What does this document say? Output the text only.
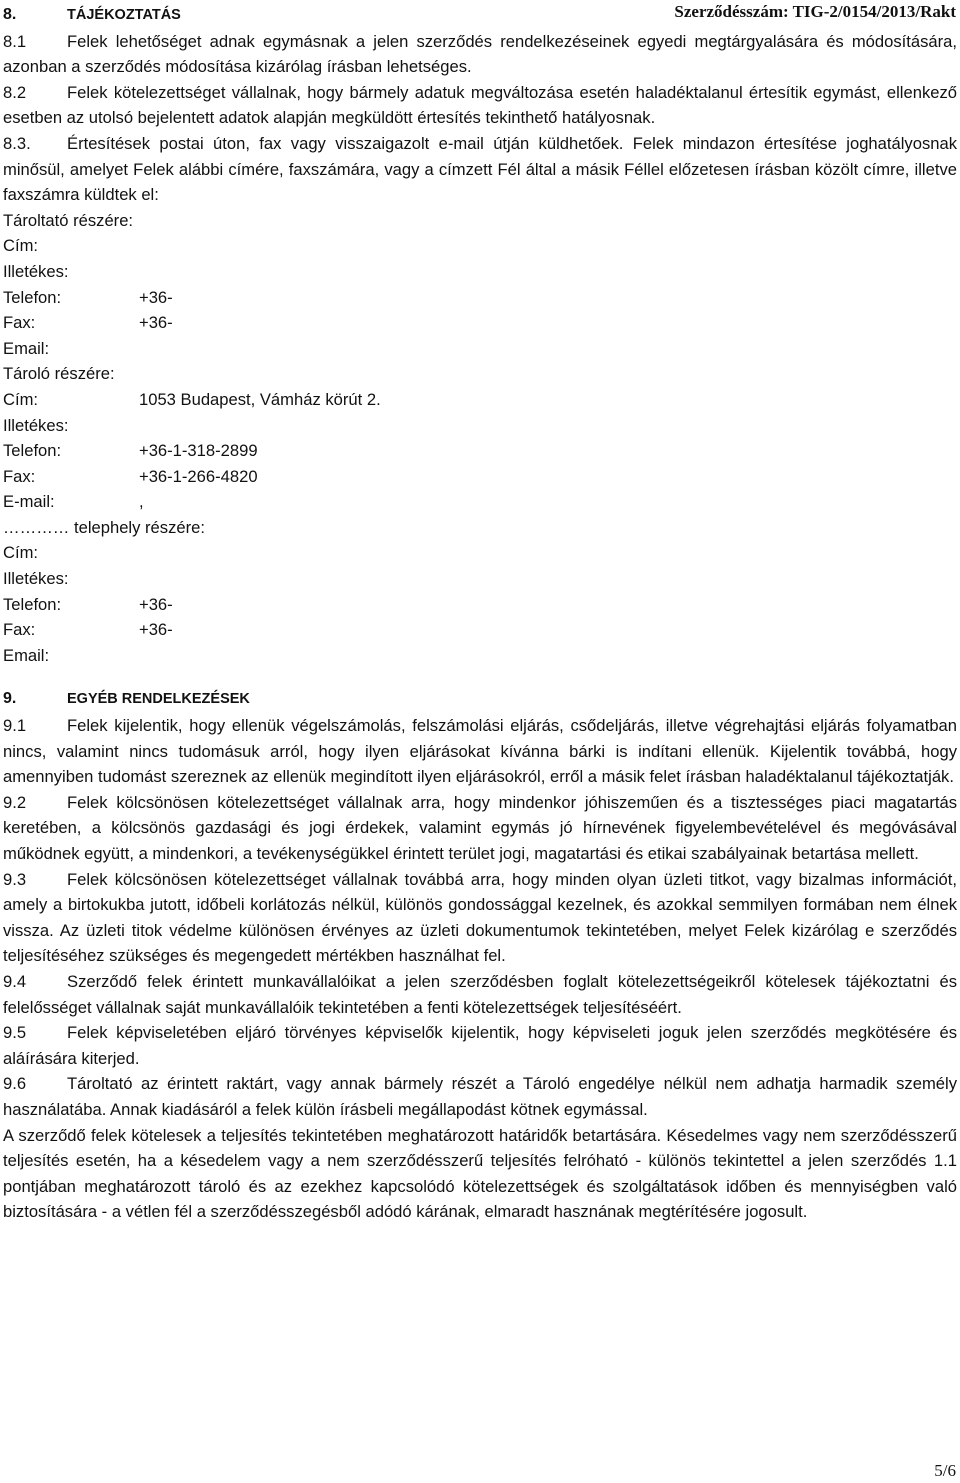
Szerződésszám: TIG-2/0154/2013/Rakt
8.	TÁJÉKOZTATÁS

8.1 Felek lehetőséget adnak egymásnak a jelen szerződés rendelkezéseinek egyedi megtárgyalására és módosítására, azonban a szerződés módosítása kizárólag írásban lehetséges.

8.2 Felek kötelezettséget vállalnak, hogy bármely adatuk megváltozása esetén haladéktalanul értesítik egymást, ellenkező esetben az utolsó bejelentett adatok alapján megküldött értesítés tekinthető hatályosnak.

8.3. Értesítések postai úton, fax vagy visszaigazolt e-mail útján küldhetőek. Felek mindazon értesítése joghatályosnak minősül, amelyet Felek alábbi címére, faxszámára, vagy a címzett Fél által a másik Féllel előzetesen írásban közölt címre, illetve faxszámra küldtek el:

Tároltató részére:

Cím:

Illetékes:

Telefon:	+36-

Fax:	+36-

Email:

Tároló részére:

Cím:	1053 Budapest, Vámház körút 2.

Illetékes:

Telefon:	+36-1-318-2899

Fax:	+36-1-266-4820

E-mail:	,

………… telephely részére:

Cím:

Illetékes:

Telefon:	+36-

Fax:	+36-

Email:

9.	EGYÉB RENDELKEZÉSEK

9.1 Felek kijelentik, hogy ellenük végelszámolás, felszámolási eljárás, csődeljárás, illetve végrehajtási eljárás folyamatban nincs, valamint nincs tudomásuk arról, hogy ilyen eljárásokat kívánna bárki is indítani ellenük. Kijelentik továbbá, hogy amennyiben tudomást szereznek az ellenük megindított ilyen eljárásokról, erről a másik felet írásban haladéktalanul tájékoztatják.

9.2 Felek kölcsönösen kötelezettséget vállalnak arra, hogy mindenkor jóhiszeműen és a tisztességes piaci magatartás keretében, a kölcsönös gazdasági és jogi érdekek, valamint egymás jó hírnevének figyelembevételével és megóvásával működnek együtt, a mindenkori, a tevékenységükkel érintett terület jogi, magatartási és etikai szabályainak betartása mellett.

9.3 Felek kölcsönösen kötelezettséget vállalnak továbbá arra, hogy minden olyan üzleti titkot, vagy bizalmas információt, amely a birtokukba jutott, időbeli korlátozás nélkül, különös gondossággal kezelnek, és azokkal semmilyen formában nem élnek vissza. Az üzleti titok védelme különösen érvényes az üzleti dokumentumok tekintetében, melyet Felek kizárólag e szerződés teljesítéséhez szükséges és megengedett mértékben használhat fel.

9.4 Szerződő felek érintett munkavállalóikat a jelen szerződésben foglalt kötelezettségeikről kötelesek tájékoztatni és felelősséget vállalnak saját munkavállalóik tekintetében a fenti kötelezettségek teljesítéséért.

9.5 Felek képviseletében eljáró törvényes képviselők kijelentik, hogy képviseleti joguk jelen szerződés megkötésére és aláírására kiterjed.

9.6 Tároltató az érintett raktárt, vagy annak bármely részét a Tároló engedélye nélkül nem adhatja harmadik személy használatába. Annak kiadásáról a felek külön írásbeli megállapodást kötnek egymással.

A szerződő felek kötelesek a teljesítés tekintetében meghatározott határidők betartására. Késedelmes vagy nem szerződésszerű teljesítés esetén, ha a késedelem vagy a nem szerződésszerű teljesítés felróható - különös tekintettel a jelen szerződés 1.1 pontjában meghatározott tároló és az ezekhez kapcsolódó kötelezettségek és szolgáltatások időben és mennyiségben való biztosítására - a vétlen fél a szerződésszegésből adódó kárának, elmaradt hasznának megtérítésére jogosult.

5/6
